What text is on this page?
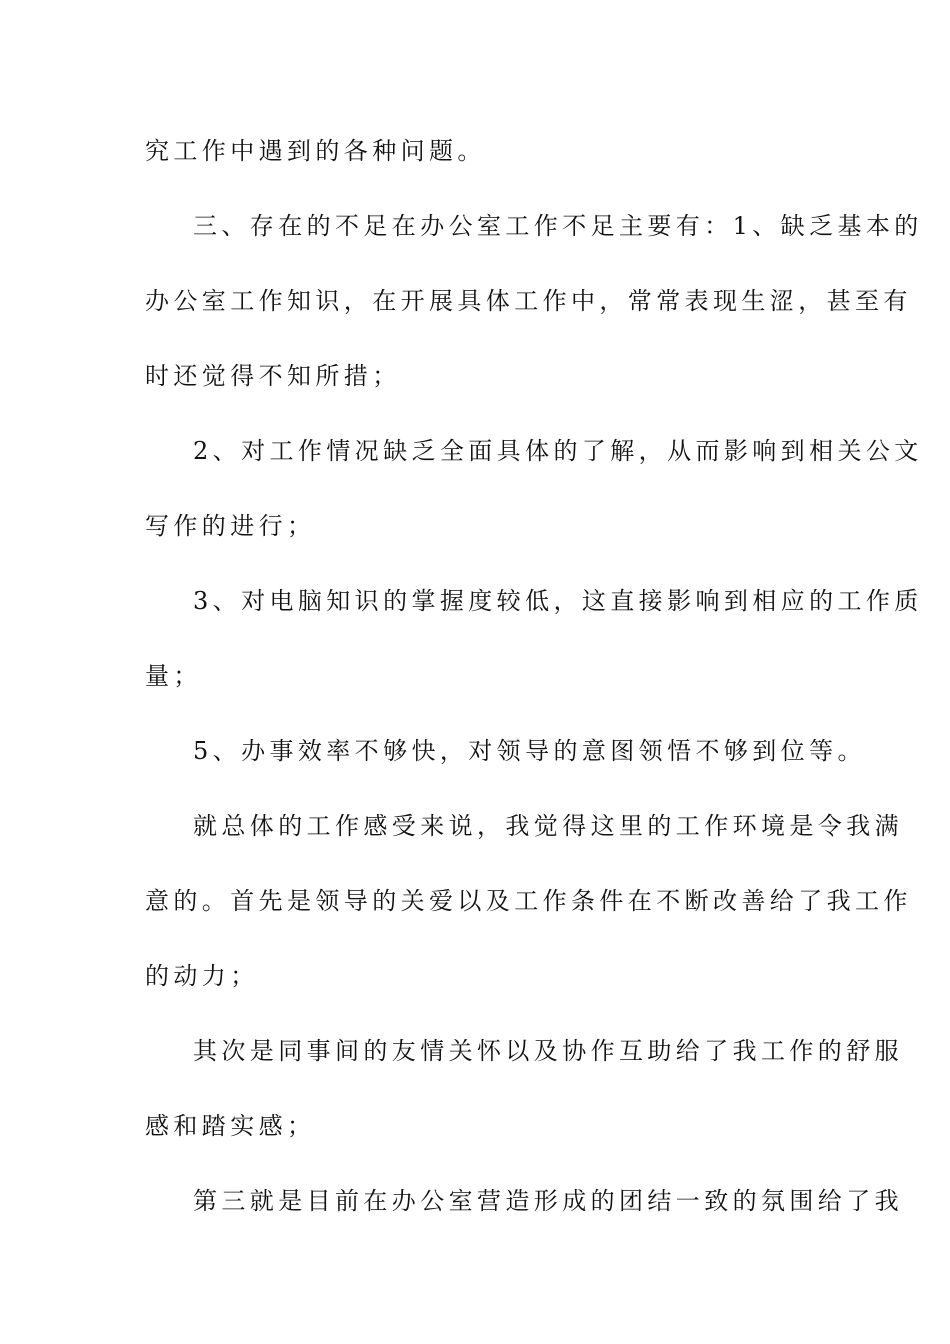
究工作中遇到的各种问题。

三、存在的不足在办公室工作不足主要有：1、缺乏基本的

办公室工作知识，在开展具体工作中，常常表现生涩，甚至有

时还觉得不知所措；

2、对工作情况缺乏全面具体的了解，从而影响到相关公文

写作的进行；

3、对电脑知识的掌握度较低，这直接影响到相应的工作质

量；

5、办事效率不够快，对领导的意图领悟不够到位等。

就总体的工作感受来说，我觉得这里的工作环境是令我满

意的。首先是领导的关爱以及工作条件在不断改善给了我工作

的动力；

其次是同事间的友情关怀以及协作互助给了我工作的舒服

感和踏实感；

第三就是目前在办公室营造形成的团结一致的氛围给了我
